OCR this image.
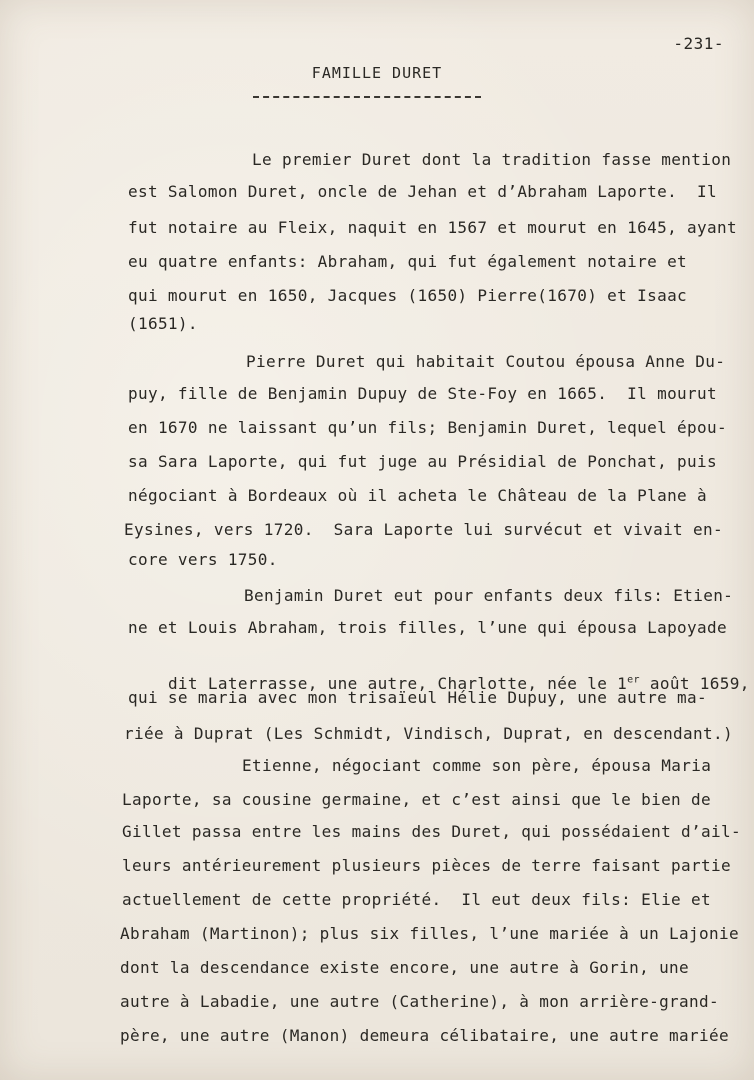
-231-
FAMILLE DURET
Le premier Duret dont la tradition fasse mention
est Salomon Duret, oncle de Jehan et d’Abraham Laporte.  Il
fut notaire au Fleix, naquit en 1567 et mourut en 1645, ayant
eu quatre enfants: Abraham, qui fut également notaire et
qui mourut en 1650, Jacques (1650) Pierre(1670) et Isaac
(1651).
Pierre Duret qui habitait Coutou épousa Anne Du-
puy, fille de Benjamin Dupuy de Ste-Foy en 1665.  Il mourut
en 1670 ne laissant qu’un fils; Benjamin Duret, lequel épou-
sa Sara Laporte, qui fut juge au Présidial de Ponchat, puis
négociant à Bordeaux où il acheta le Château de la Plane à
Eysines, vers 1720.  Sara Laporte lui survécut et vivait en-
core vers 1750.
Benjamin Duret eut pour enfants deux fils: Etien-
ne et Louis Abraham, trois filles, l’une qui épousa Lapoyade

dit Laterrasse, une autre, Charlotte, née le 1er août 1659,

qui se maria avec mon trisaïeul Hélie Dupuy, une autre ma-
riée à Duprat (Les Schmidt, Vindisch, Duprat, en descendant.)
Etienne, négociant comme son père, épousa Maria
Laporte, sa cousine germaine, et c’est ainsi que le bien de
Gillet passa entre les mains des Duret, qui possédaient d’ail-
leurs antérieurement plusieurs pièces de terre faisant partie
actuellement de cette propriété.  Il eut deux fils: Elie et
Abraham (Martinon); plus six filles, l’une mariée à un Lajonie
dont la descendance existe encore, une autre à Gorin, une
autre à Labadie, une autre (Catherine), à mon arrière-grand-
père, une autre (Manon) demeura célibataire, une autre mariée
